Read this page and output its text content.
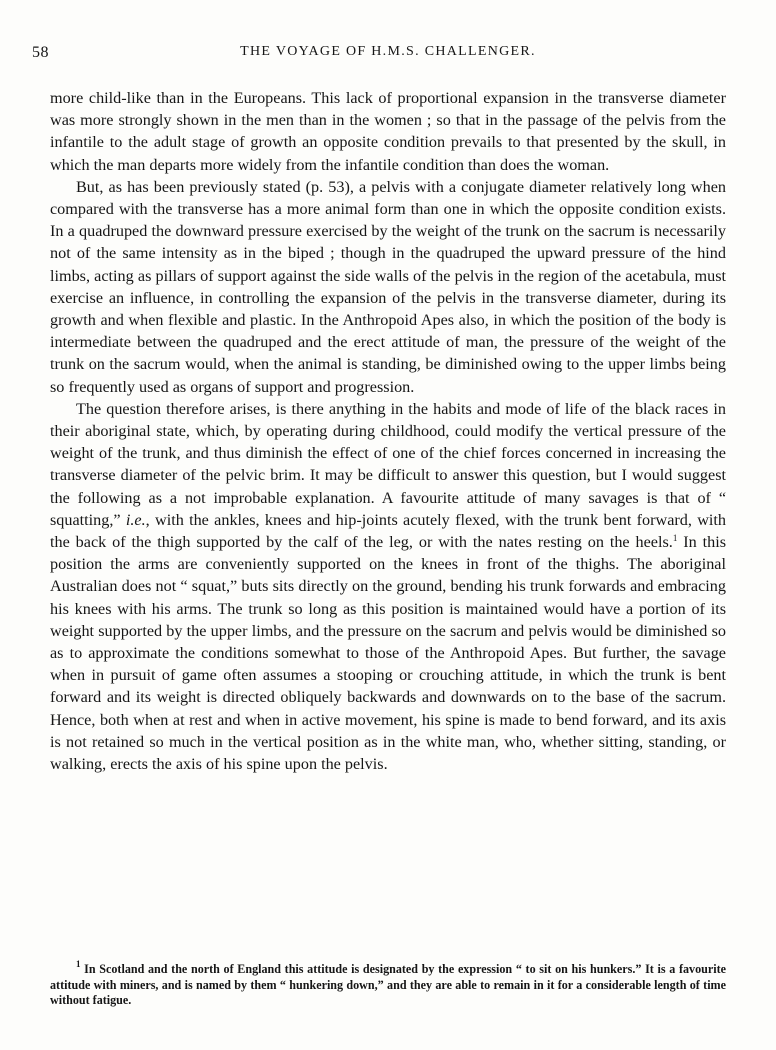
58	THE VOYAGE OF H.M.S. CHALLENGER.

more child-like than in the Europeans. This lack of proportional expansion in the transverse diameter was more strongly shown in the men than in the women ; so that in the passage of the pelvis from the infantile to the adult stage of growth an opposite condition prevails to that presented by the skull, in which the man departs more widely from the infantile condition than does the woman.

But, as has been previously stated (p. 53), a pelvis with a conjugate diameter relatively long when compared with the transverse has a more animal form than one in which the opposite condition exists. In a quadruped the downward pressure exercised by the weight of the trunk on the sacrum is necessarily not of the same intensity as in the biped ; though in the quadruped the upward pressure of the hind limbs, acting as pillars of support against the side walls of the pelvis in the region of the acetabula, must exercise an influence, in controlling the expansion of the pelvis in the transverse diameter, during its growth and when flexible and plastic. In the Anthropoid Apes also, in which the position of the body is intermediate between the quadruped and the erect attitude of man, the pressure of the weight of the trunk on the sacrum would, when the animal is standing, be diminished owing to the upper limbs being so frequently used as organs of support and progression.

The question therefore arises, is there anything in the habits and mode of life of the black races in their aboriginal state, which, by operating during childhood, could modify the vertical pressure of the weight of the trunk, and thus diminish the effect of one of the chief forces concerned in increasing the transverse diameter of the pelvic brim. It may be difficult to answer this question, but I would suggest the following as a not improbable explanation. A favourite attitude of many savages is that of “ squatting,” i.e., with the ankles, knees and hip-joints acutely flexed, with the trunk bent forward, with the back of the thigh supported by the calf of the leg, or with the nates resting on the heels.$^1$ In this position the arms are conveniently supported on the knees in front of the thighs. The aboriginal Australian does not “ squat,” buts sits directly on the ground, bending his trunk forwards and embracing his knees with his arms. The trunk so long as this position is maintained would have a portion of its weight supported by the upper limbs, and the pressure on the sacrum and pelvis would be diminished so as to approximate the conditions somewhat to those of the Anthropoid Apes. But further, the savage when in pursuit of game often assumes a stooping or crouching attitude, in which the trunk is bent forward and its weight is directed obliquely backwards and downwards on to the base of the sacrum. Hence, both when at rest and when in active movement, his spine is made to bend forward, and its axis is not retained so much in the vertical position as in the white man, who, whether sitting, standing, or walking, erects the axis of his spine upon the pelvis.

$^1$ In Scotland and the north of England this attitude is designated by the expression “ to sit on his hunkers.” It is a favourite attitude with miners, and is named by them “ hunkering down,” and they are able to remain in it for a considerable length of time without fatigue.
